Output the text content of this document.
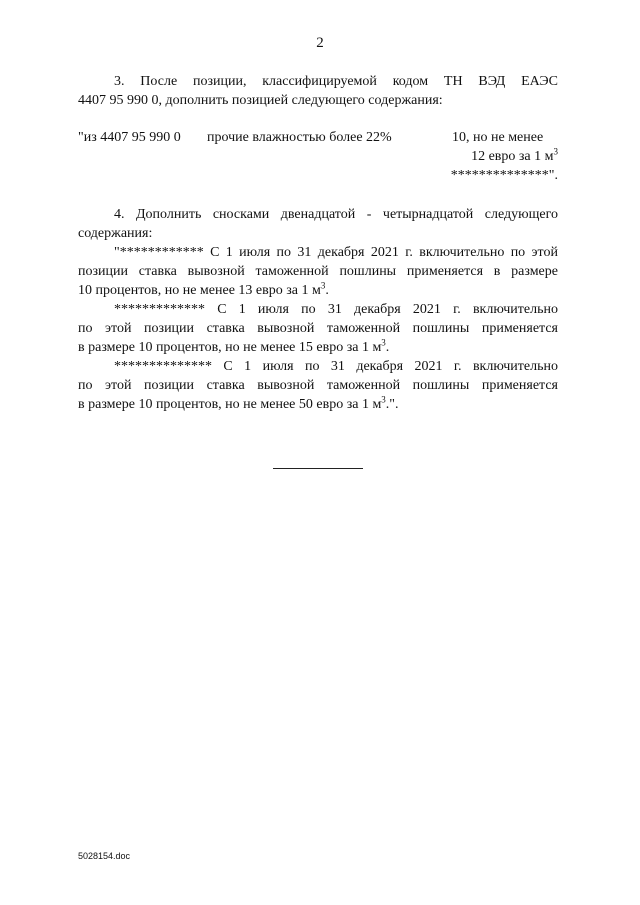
2
3. После позиции, классифицируемой кодом ТН ВЭД ЕАЭС
4407 95 990 0, дополнить позицией следующего содержания:
"из 4407 95 990 0 прочие влажностью более 22%	10, но не менее
12 евро за 1 $м^3$
**************".
4. Дополнить сносками двенадцатой - четырнадцатой следующего
содержания:
"************ С 1 июля по 31 декабря 2021 г. включительно по этой
позиции ставка вывозной таможенной пошлины применяется в размере
10 процентов, но не менее 13 евро за 1 $м^3$.
************* С 1 июля по 31 декабря 2021 г. включительно
по этой позиции ставка вывозной таможенной пошлины применяется
в размере 10 процентов, но не менее 15 евро за 1 $м^3$.
************** С 1 июля по 31 декабря 2021 г. включительно
по этой позиции ставка вывозной таможенной пошлины применяется
в размере 10 процентов, но не менее 50 евро за 1 $м^3$.".
5028154.doc
